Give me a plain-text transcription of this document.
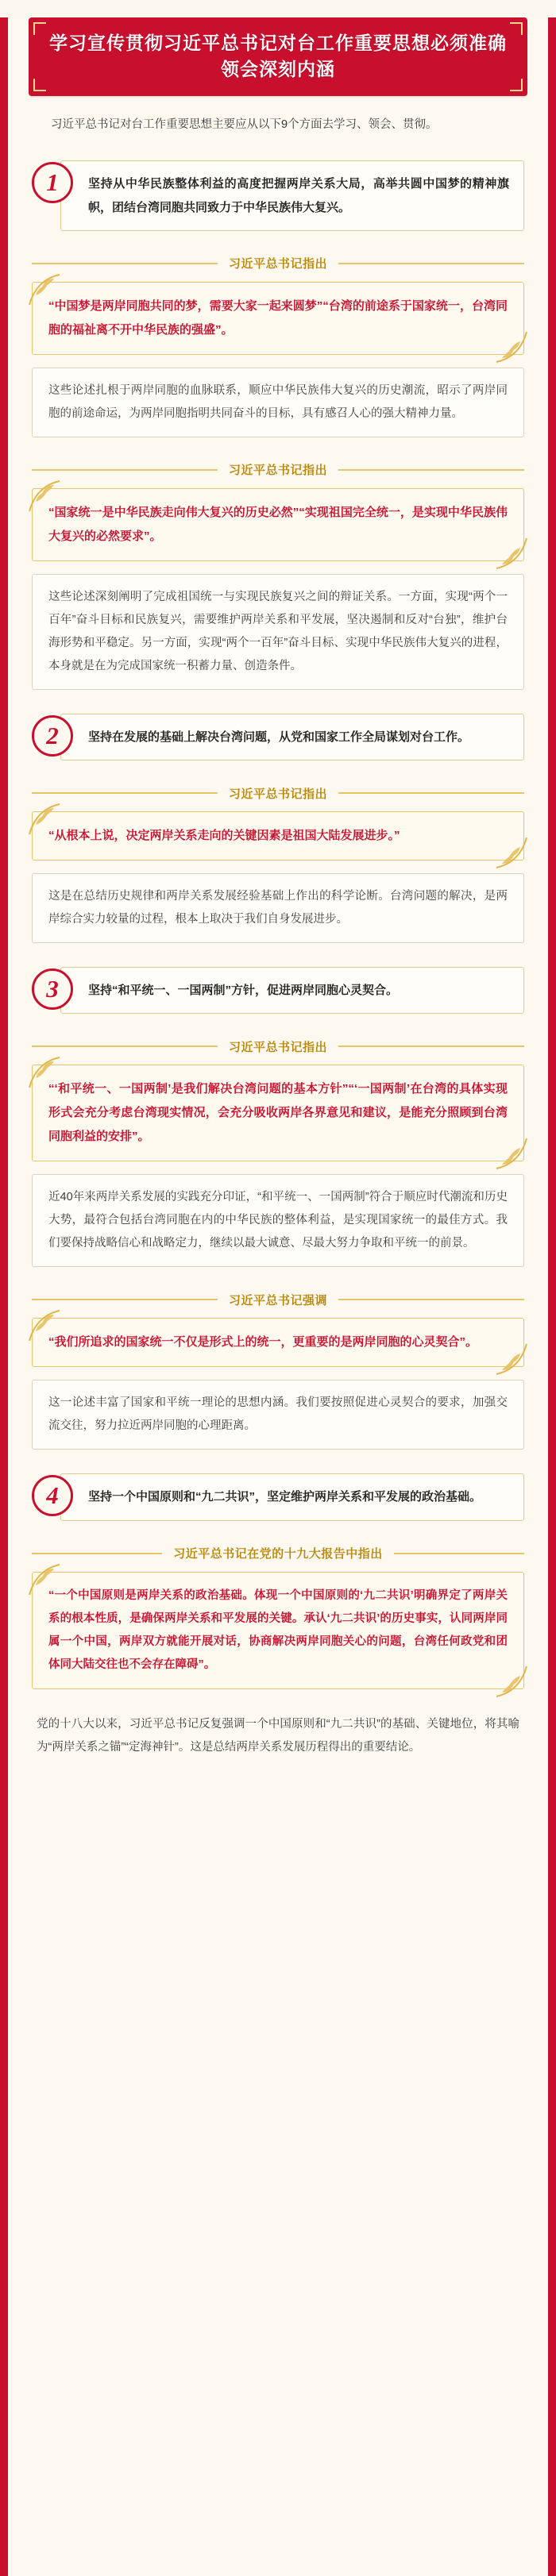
学习宣传贯彻习近平总书记对台工作重要思想必须准确领会深刻内涵
习近平总书记对台工作重要思想主要应从以下9个方面去学习、领会、贯彻。
1	坚持从中华民族整体利益的高度把握两岸关系大局，高举共圆中国梦的精神旗帜，团结台湾同胞共同致力于中华民族伟大复兴。
习近平总书记指出
“中国梦是两岸同胞共同的梦，需要大家一起来圆梦”“台湾的前途系于国家统一，台湾同胞的福祉离不开中华民族的强盛”。
这些论述扎根于两岸同胞的血脉联系，顺应中华民族伟大复兴的历史潮流，昭示了两岸同胞的前途命运，为两岸同胞指明共同奋斗的目标，具有感召人心的强大精神力量。
习近平总书记指出
“国家统一是中华民族走向伟大复兴的历史必然”“实现祖国完全统一，是实现中华民族伟大复兴的必然要求”。
这些论述深刻阐明了完成祖国统一与实现民族复兴之间的辩证关系。一方面，实现“两个一百年”奋斗目标和民族复兴，需要维护两岸关系和平发展，坚决遏制和反对“台独”，维护台海形势和平稳定。另一方面，实现“两个一百年”奋斗目标、实现中华民族伟大复兴的进程，本身就是在为完成国家统一积蓄力量、创造条件。
2	坚持在发展的基础上解决台湾问题，从党和国家工作全局谋划对台工作。
习近平总书记指出
“从根本上说，决定两岸关系走向的关键因素是祖国大陆发展进步。”
这是在总结历史规律和两岸关系发展经验基础上作出的科学论断。台湾问题的解决，是两岸综合实力较量的过程，根本上取决于我们自身发展进步。
3	坚持“和平统一、一国两制”方针，促进两岸同胞心灵契合。
习近平总书记指出
“‘和平统一、一国两制’是我们解决台湾问题的基本方针”“‘一国两制’在台湾的具体实现形式会充分考虑台湾现实情况，会充分吸收两岸各界意见和建议，是能充分照顾到台湾同胞利益的安排”。
近40年来两岸关系发展的实践充分印证，“和平统一、一国两制”符合于顺应时代潮流和历史大势，最符合包括台湾同胞在内的中华民族的整体利益，是实现国家统一的最佳方式。我们要保持战略信心和战略定力，继续以最大诚意、尽最大努力争取和平统一的前景。
习近平总书记强调
“我们所追求的国家统一不仅是形式上的统一，更重要的是两岸同胞的心灵契合”。
这一论述丰富了国家和平统一理论的思想内涵。我们要按照促进心灵契合的要求，加强交流交往，努力拉近两岸同胞的心理距离。
4	坚持一个中国原则和“九二共识”，坚定维护两岸关系和平发展的政治基础。
习近平总书记在党的十九大报告中指出
“一个中国原则是两岸关系的政治基础。体现一个中国原则的‘九二共识’明确界定了两岸关系的根本性质，是确保两岸关系和平发展的关键。承认‘九二共识’的历史事实，认同两岸同属一个中国，两岸双方就能开展对话，协商解决两岸同胞关心的问题，台湾任何政党和团体同大陆交往也不会存在障碍”。
党的十八大以来，习近平总书记反复强调一个中国原则和“九二共识”的基础、关键地位，将其喻为“两岸关系之锚”“定海神针”。这是总结两岸关系发展历程得出的重要结论。
